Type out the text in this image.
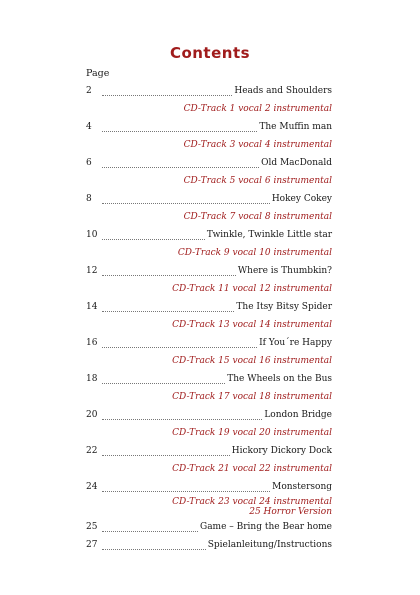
Contents
Page
2	Heads and Shoulders
CD-Track 1 vocal 2 instrumental
4	The Muffin man
CD-Track 3 vocal 4 instrumental
6	Old MacDonald
CD-Track 5 vocal 6 instrumental
8	Hokey Cokey
CD-Track 7 vocal 8 instrumental
10	Twinkle, Twinkle Little star
CD-Track 9 vocal 10 instrumental
12	Where is Thumbkin?
CD-Track 11 vocal 12 instrumental
14	The Itsy Bitsy Spider
CD-Track 13 vocal 14 instrumental
16	If You´re Happy
CD-Track 15 vocal 16 instrumental
18	The Wheels on the Bus
CD-Track 17 vocal 18 instrumental
20	London Bridge
CD-Track 19 vocal 20 instrumental
22	Hickory Dickory Dock
CD-Track 21 vocal 22 instrumental
24	Monstersong
CD-Track 23 vocal 24 instrumental
25 Horror Version
25	Game – Bring the Bear home
27	Spielanleitung/Instructions
